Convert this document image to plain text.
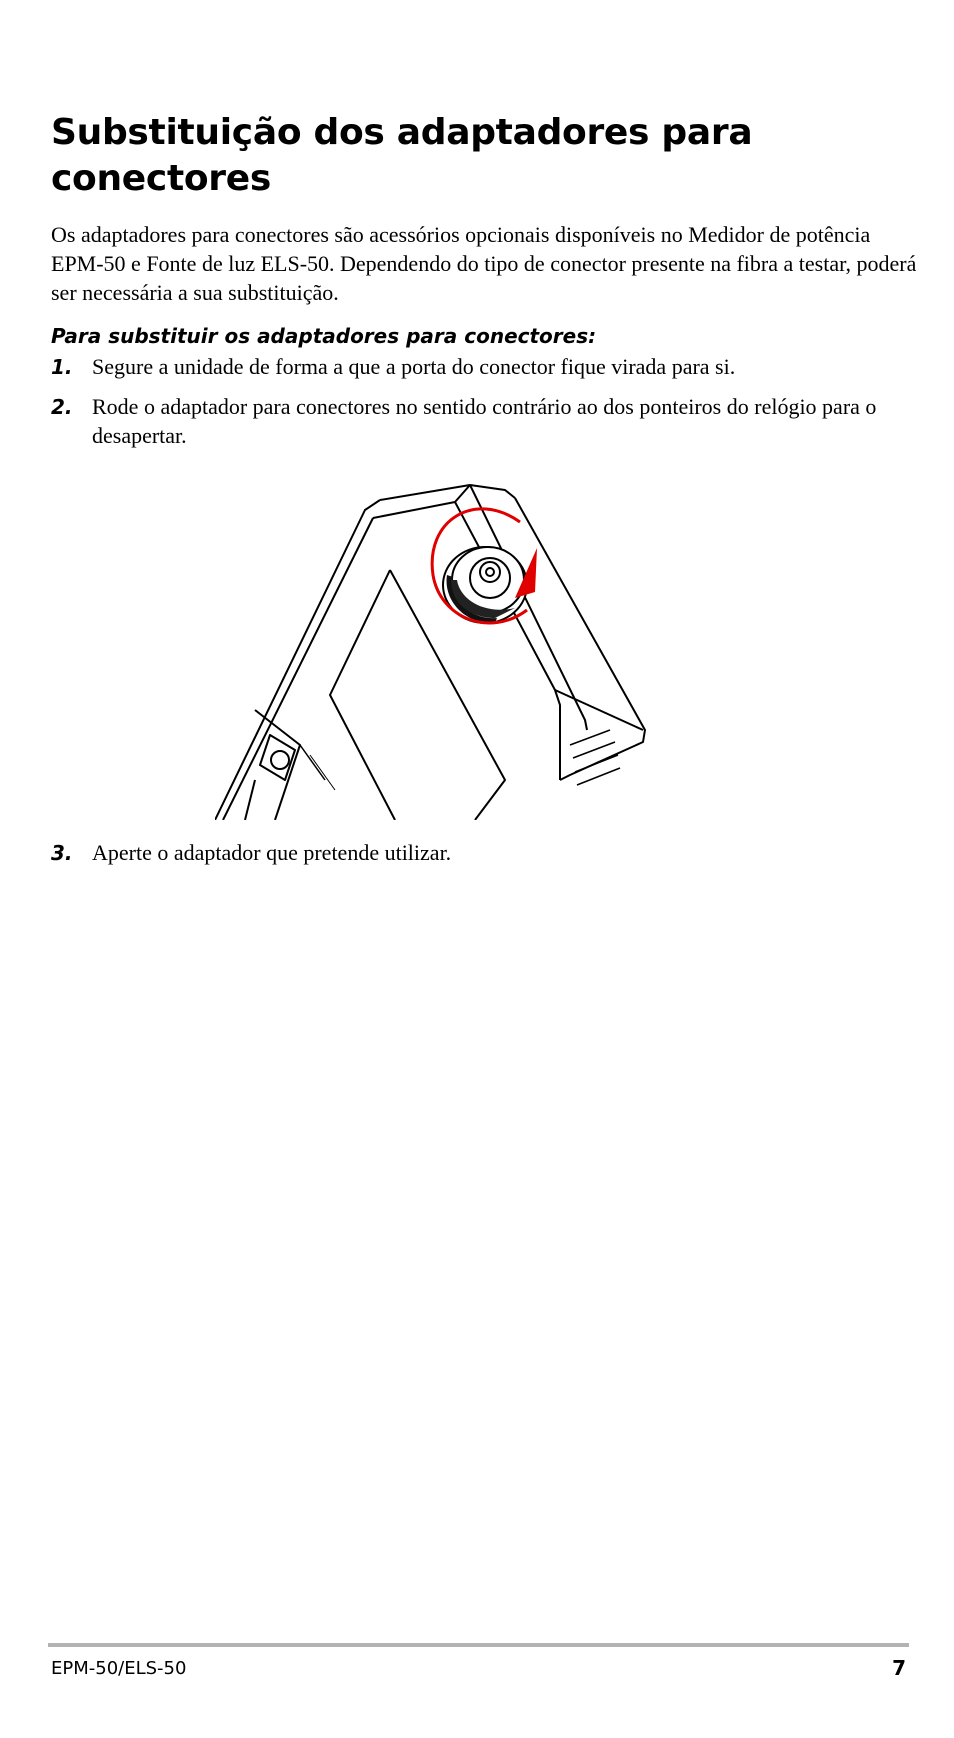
Substituição dos adaptadores para conectores

Os adaptadores para conectores são acessórios opcionais disponíveis no Medidor de potência EPM-50 e Fonte de luz ELS-50. Dependendo do tipo de conector presente na fibra a testar, poderá ser necessária a sua substituição.

Para substituir os adaptadores para conectores:

1. Segure a unidade de forma a que a porta do conector fique virada para si.
2. Rode o adaptador para conectores no sentido contrário ao dos ponteiros do relógio para o desapertar.
3. Aperte o adaptador que pretende utilizar.
EPM-50/ELS-50	7
